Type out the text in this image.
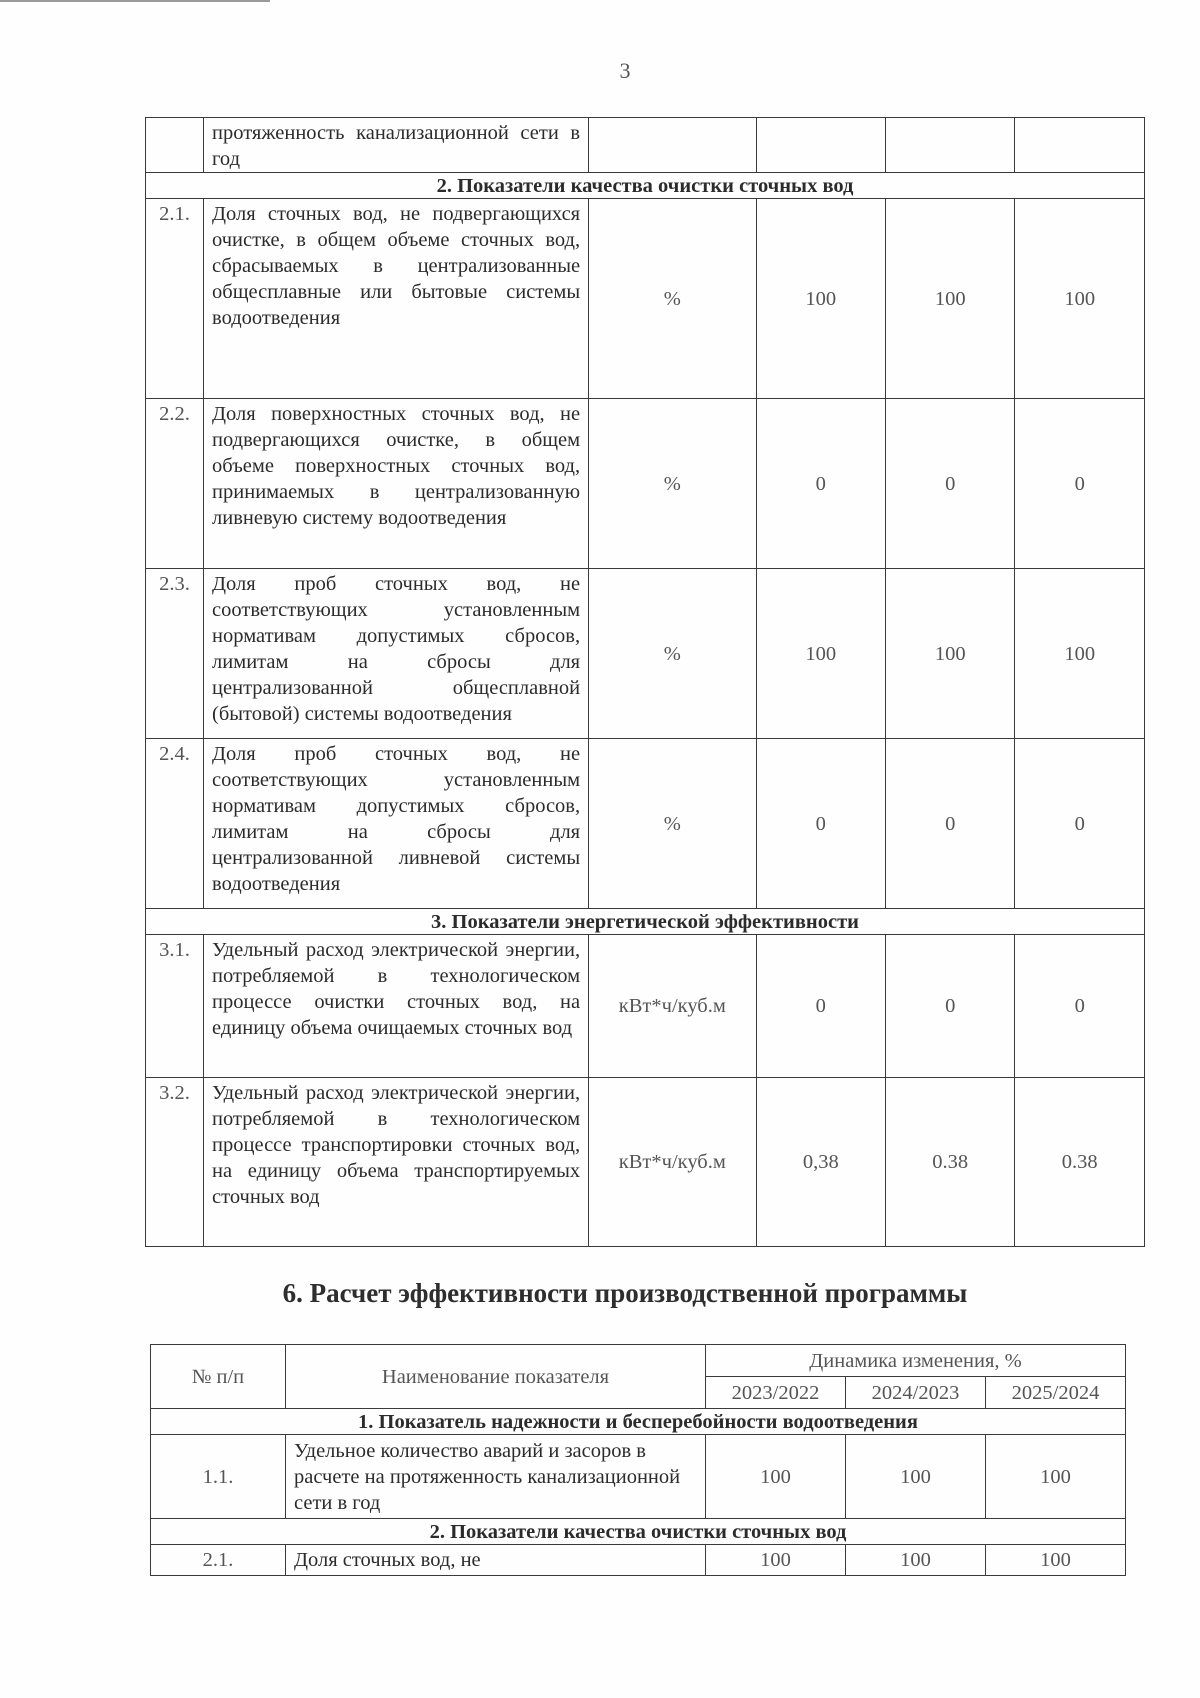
3
	протяженность канализационной сети в год				
2. Показатели качества очистки сточных вод					
2.1.	Доля сточных вод, не подвергающихся очистке, в общем объеме сточных вод, сбрасываемых в централизованные общесплавные или бытовые системы водоотведения	%	100	100	100
2.2.	Доля поверхностных сточных вод, не подвергающихся очистке, в общем объеме поверхностных сточных вод, принимаемых в централизованную ливневую систему водоотведения	%	0	0	0
2.3.	Доля проб сточных вод, не соответствующих установленным нормативам допустимых сбросов, лимитам на сбросы для централизованной общесплавной (бытовой) системы водоотведения	%	100	100	100
2.4.	Доля проб сточных вод, не соответствующих установленным нормативам допустимых сбросов, лимитам на сбросы для централизованной ливневой системы водоотведения	%	0	0	0
3. Показатели энергетической эффективности					
3.1.	Удельный расход электрической энергии, потребляемой в технологическом процессе очистки сточных вод, на единицу объема очищаемых сточных вод	кВт*ч/куб.м	0	0	0
3.2.	Удельный расход электрической энергии, потребляемой в технологическом процессе транспортировки сточных вод, на единицу объема транспортируемых сточных вод	кВт*ч/куб.м	0,38	0.38	0.38
6. Расчет эффективности производственной программы
№ п/п	Наименование показателя	Динамика изменения, %		
		2023/2022	2024/2023	2025/2024
1. Показатель надежности и бесперебойности водоотведения				
1.1.	Удельное количество аварий и засоров в расчете на протяженность канализационной сети в год	100	100	100
2. Показатели качества очистки сточных вод				
2.1.	Доля сточных вод, не	100	100	100
